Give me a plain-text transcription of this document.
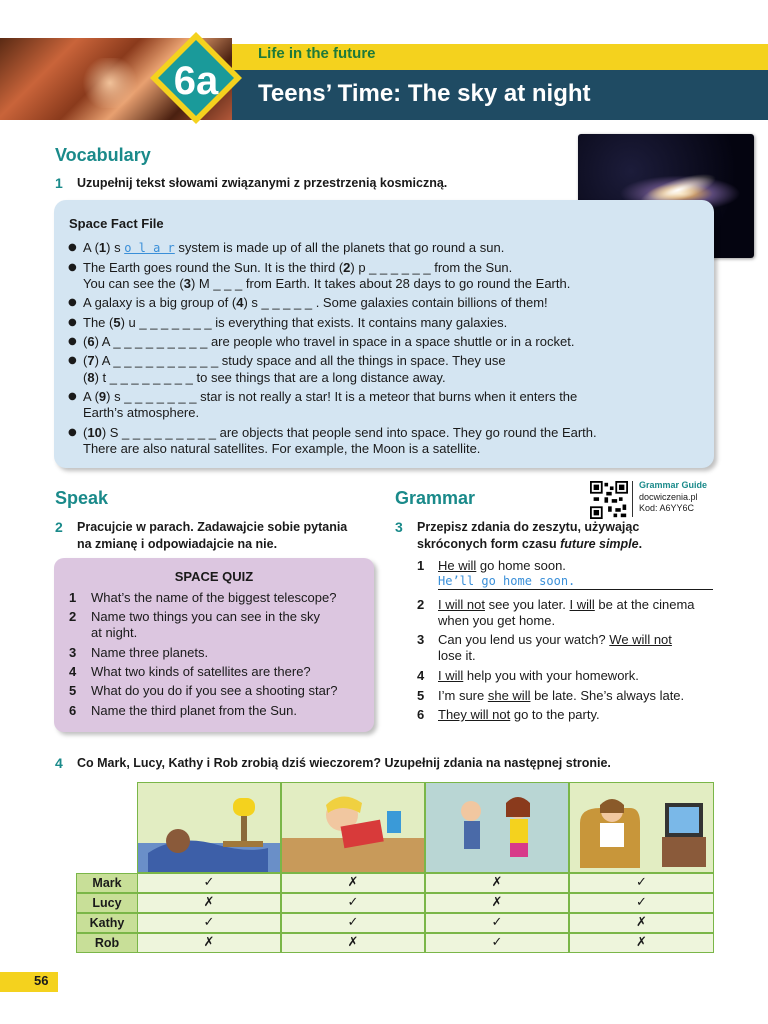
Life in the future
Teens’ Time: The sky at night
6a
Vocabulary
1 Uzupełnij tekst słowami związanymi z przestrzenią kosmiczną.
Space Fact File
● A (1) s o l a r system is made up of all the planets that go round a sun.
● The Earth goes round the Sun. It is the third (2) p _ _ _ _ _ _ from the Sun.
You can see the (3) M _ _ _ from Earth. It takes about 28 days to go round the Earth.
● A galaxy is a big group of (4) s _ _ _ _ _ . Some galaxies contain billions of them!
● The (5) u _ _ _ _ _ _ _ is everything that exists. It contains many galaxies.
● (6) A _ _ _ _ _ _ _ _ _ are people who travel in space in a space shuttle or in a rocket.
● (7) A _ _ _ _ _ _ _ _ _ _ study space and all the things in space. They use
(8) t _ _ _ _ _ _ _ _ to see things that are a long distance away.
● A (9) s _ _ _ _ _ _ _ star is not really a star! It is a meteor that burns when it enters the
Earth’s atmosphere.
● (10) S _ _ _ _ _ _ _ _ _ are objects that people send into space. They go round the Earth.
There are also natural satellites. For example, the Moon is a satellite.
Speak
2 Pracujcie w parach. Zadawajcie sobie pytania
na zmianę i odpowiadajcie na nie.
SPACE QUIZ
1 What’s the name of the biggest telescope?
2 Name two things you can see in the sky
at night.
3 Name three planets.
4 What two kinds of satellites are there?
5 What do you do if you see a shooting star?
6 Name the third planet from the Sun.
Grammar
Grammar Guide
docwiczenia.pl
Kod: A6YY6C
3 Przepisz zdania do zeszytu, używając
skróconych form czasu future simple.
He’ll go home soon.
1 He will go home soon.
2 I will not see you later. I will be at the cinema
when you get home.
3 Can you lend us your watch? We will not
lose it.
4 I will help you with your homework.
5 I’m sure she will be late. She’s always late.
6 They will not go to the party.
4 Co Mark, Lucy, Kathy i Rob zrobią dziś wieczorem? Uzupełnij zdania na następnej stronie.
Mark	✓	✗	✗	✓
Lucy	✗	✓	✗	✓
Kathy	✓	✓	✓	✗
Rob	✗	✗	✓	✗
56
